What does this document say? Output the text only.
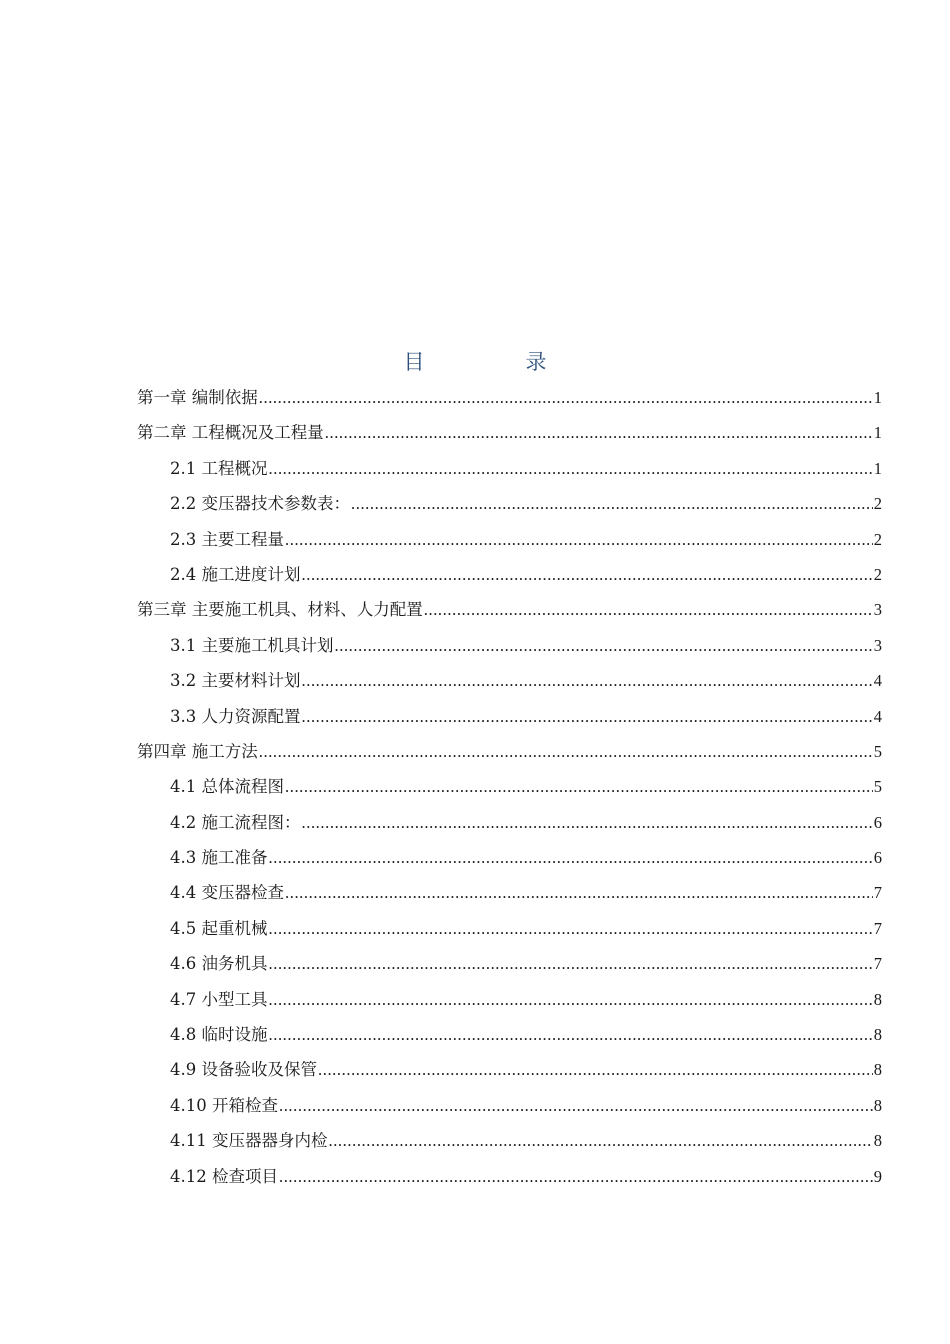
目　录
第一章 编制依据 .....	1
第二章 工程概况及工程量 .....	1
2.1 工程概况 .....	1
2.2 变压器技术参数表： .....	2
2.3 主要工程量 .....	2
2.4 施工进度计划 .....	2
第三章 主要施工机具、材料、人力配置 .....	3
3.1 主要施工机具计划 .....	3
3.2 主要材料计划 .....	4
3.3 人力资源配置 .....	4
第四章 施工方法 .....	5
4.1 总体流程图 .....	5
4.2 施工流程图： .....	6
4.3 施工准备 .....	6
4.4 变压器检查 .....	7
4.5 起重机械 .....	7
4.6 油务机具 .....	7
4.7 小型工具 .....	8
4.8 临时设施 .....	8
4.9 设备验收及保管 .....	8
4.10 开箱检查 .....	8
4.11 变压器器身内检 .....	8
4.12 检查项目 .....	9
